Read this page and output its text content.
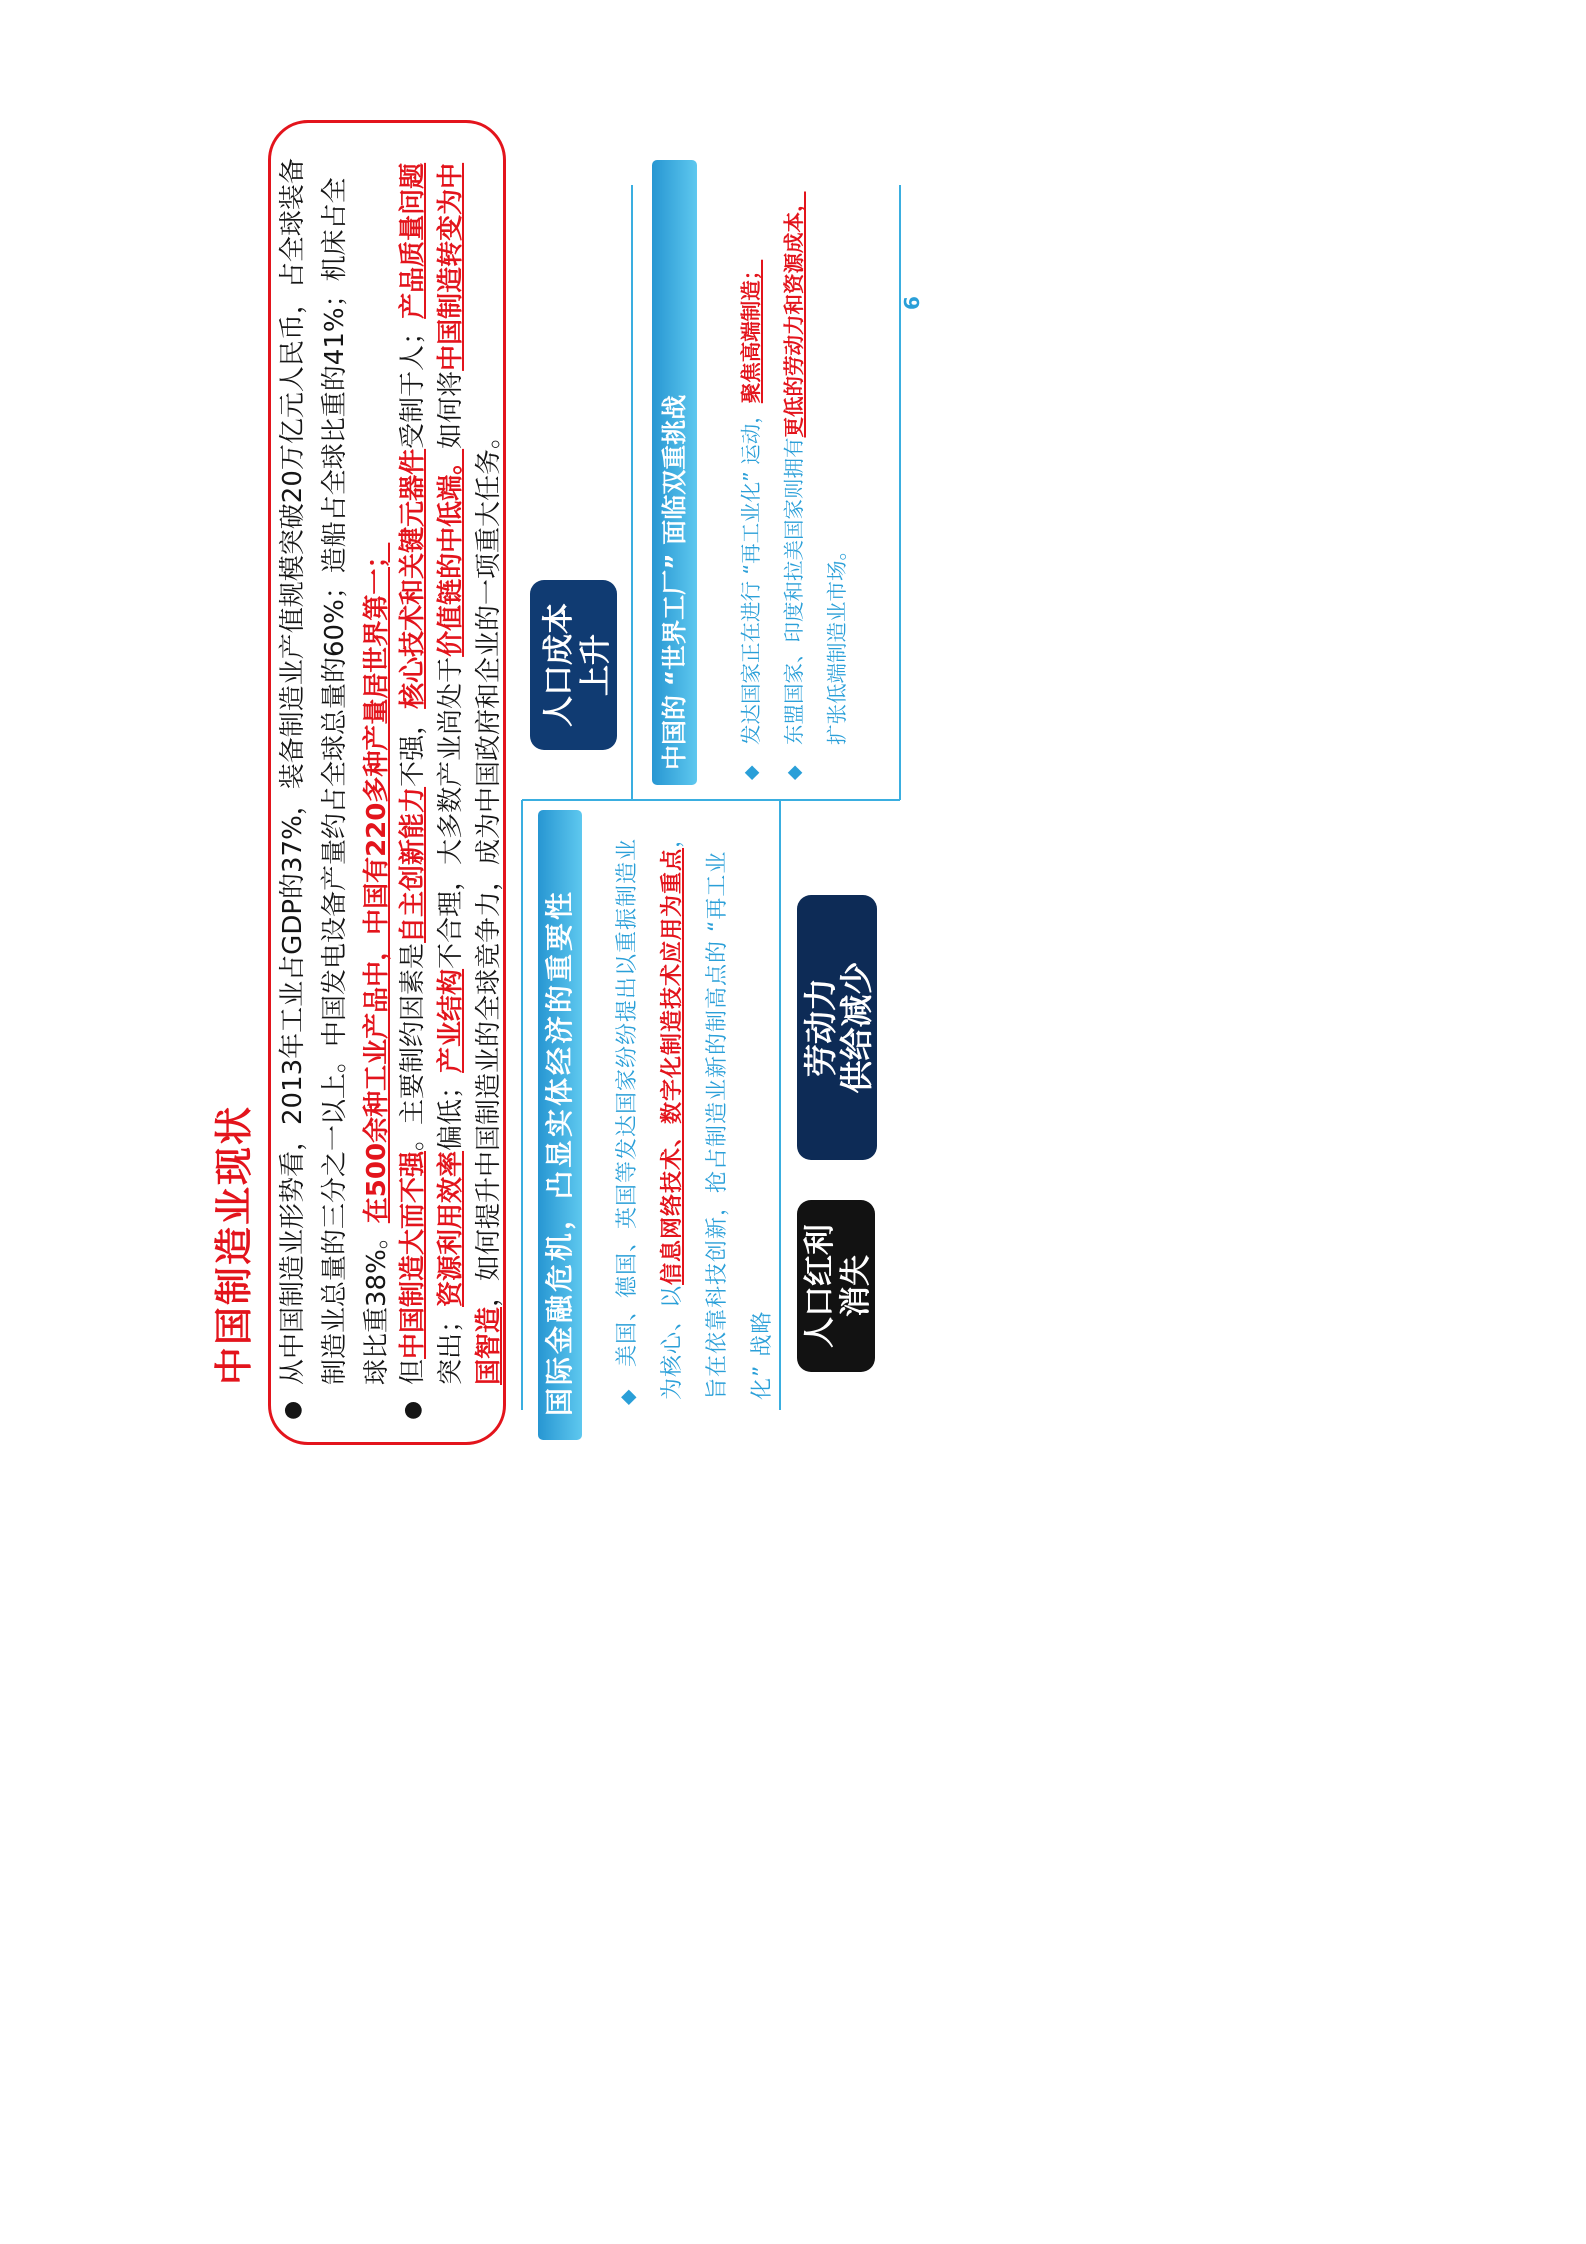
中国制造业现状
●	●
从中国制造业形势看，2013年工业占GDP的37%，装备制造业产值规模突破20万亿元人民币，占全球装备 制造业总量的三分之一以上。中国发电设备产量约占全球总量的60%；造船占全球比重的41%；机床占全 球比重38%。在500余种工业产品中，中国有220多种产量居世界第一；
但中国制造大而不强。主要制约因素是自主创新能力不强，核心技术和关键元器件受制于人；产品质量问题
突出；资源利用效率偏低；产业结构不合理，大多数产业尚处于价值链的中低端。如何将中国制造转变为中
国智造，如何提升中国制造业的全球竞争力，成为中国政府和企业的一项重大任务。 国际金融危机，凸显实体经济的重要性	◆
美国、德国、英国等发达国家纷纷提出以重振制造业 为核心、以信息网络技术、数字化制造技术应用为重点，
旨在依靠科技创新，抢占制造业新的制高点的 “再工业 化” 战略
中国的 “世界工厂” 面临双重挑战
◆
发达国家正在进行 “再工业化” 运动，聚焦高端制造；
◆
东盟国家、印度和拉美国家则拥有更低的劳动力和资源成本，
扩张低端制造业市场。
人口成本 上升
劳动力
供给减少
人口红利 消失
6
